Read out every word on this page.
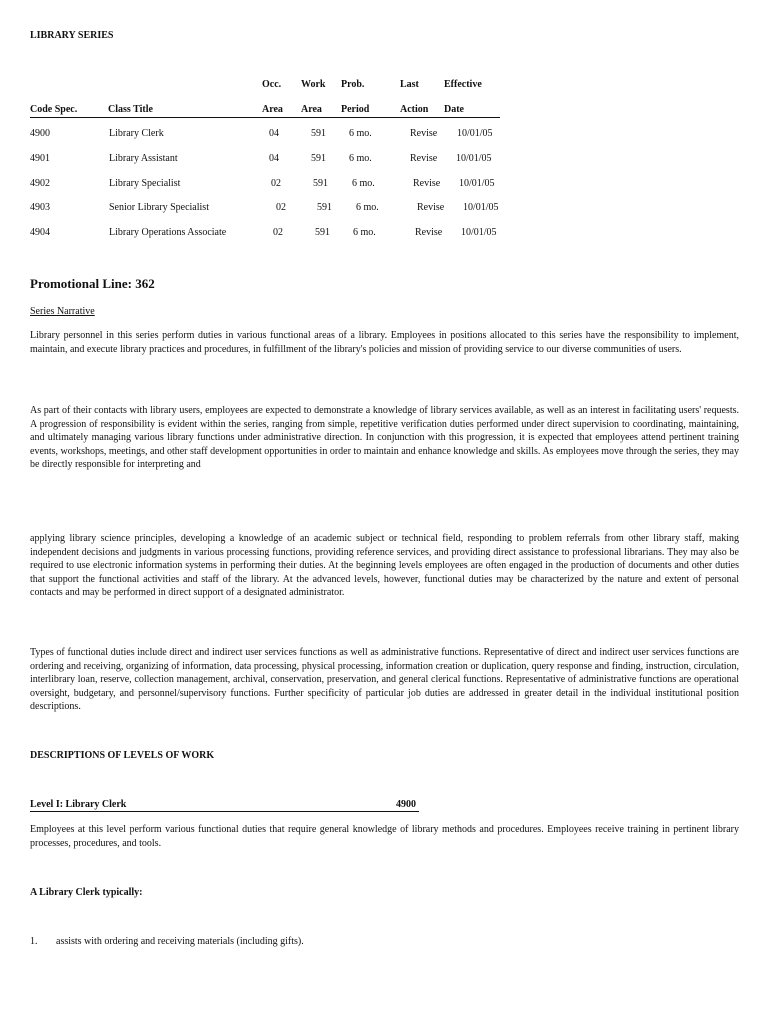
LIBRARY SERIES
Occ. Work Prob.	Last	Effective
Code Spec.	Class Title	Area Area Period	Action Date
4900	Library Clerk	04	591 6 mo.	Revise 10/01/05
4901	Library Assistant	04	591 6 mo.	Revise 10/01/05
4902	Library Specialist	02	591 6 mo.	Revise 10/01/05
4903	Senior Library Specialist	02	591 6 mo.	Revise 10/01/05
4904	Library Operations Associate	02	591 6 mo.	Revise 10/01/05
Promotional Line: 362
Series Narrative

Library personnel in this series perform duties in various functional areas of a library. Employees in positions allocated to this series have the responsibility to implement, maintain, and execute library practices and procedures, in fulfillment of the library's policies and mission of providing service to our diverse communities of users.

As part of their contacts with library users, employees are expected to demonstrate a knowledge of library services available, as well as an interest in facilitating users' requests. A progression of responsibility is evident within the series, ranging from simple, repetitive verification duties performed under direct supervision to coordinating, maintaining, and ultimately managing various library functions under administrative direction. In conjunction with this progression, it is expected that employees attend pertinent training events, workshops, meetings, and other staff development opportunities in order to maintain and enhance knowledge and skills. As employees move through the series, they may be directly responsible for interpreting and

applying library science principles, developing a knowledge of an academic subject or technical field, responding to problem referrals from other library staff, making independent decisions and judgments in various processing functions, providing reference services, and providing direct assistance to professional librarians. They may also be required to use electronic information systems in performing their duties. At the beginning levels employees are often engaged in the production of documents and other duties that support the functional activities and staff of the library. At the advanced levels, however, functional duties may be characterized by the nature and extent of personal contacts and may be performed in direct support of a designated administrator.

Types of functional duties include direct and indirect user services functions as well as administrative functions. Representative of direct and indirect user services functions are ordering and receiving, organizing of information, data processing, physical processing, information creation or duplication, query response and finding, instruction, circulation, interlibrary loan, reserve, collection management, archival, conservation, preservation, and general clerical functions. Representative of administrative functions are operational oversight, budgetary, and personnel/supervisory functions. Further specificity of particular job duties are addressed in greater detail in the individual institutional position descriptions.

DESCRIPTIONS OF LEVELS OF WORK
Level I: Library Clerk	4900

Employees at this level perform various functional duties that require general knowledge of library methods and procedures. Employees receive training in pertinent library processes, procedures, and tools.

A Library Clerk typically:
1. assists with ordering and receiving materials (including gifts).
